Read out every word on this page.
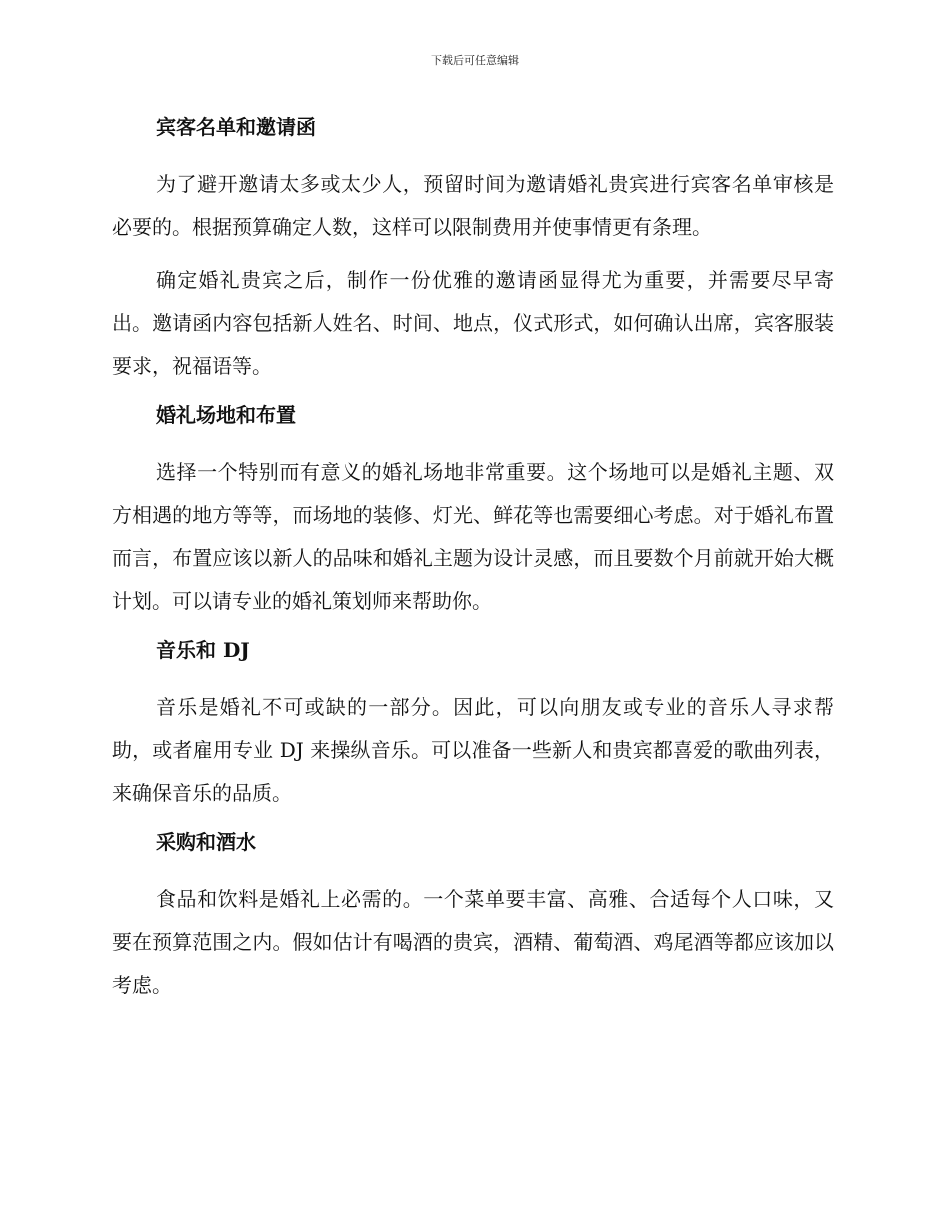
下载后可任意编辑
宾客名单和邀请函

为了避开邀请太多或太少人，预留时间为邀请婚礼贵宾进行宾客名单审核是必要的。根据预算确定人数，这样可以限制费用并使事情更有条理。

确定婚礼贵宾之后，制作一份优雅的邀请函显得尤为重要，并需要尽早寄出。邀请函内容包括新人姓名、时间、地点，仪式形式，如何确认出席，宾客服装要求，祝福语等。

婚礼场地和布置

选择一个特别而有意义的婚礼场地非常重要。这个场地可以是婚礼主题、双方相遇的地方等等，而场地的装修、灯光、鲜花等也需要细心考虑。对于婚礼布置而言，布置应该以新人的品味和婚礼主题为设计灵感，而且要数个月前就开始大概计划。可以请专业的婚礼策划师来帮助你。

音乐和 DJ

音乐是婚礼不可或缺的一部分。因此，可以向朋友或专业的音乐人寻求帮助，或者雇用专业 DJ 来操纵音乐。可以准备一些新人和贵宾都喜爱的歌曲列表，来确保音乐的品质。

采购和酒水

食品和饮料是婚礼上必需的。一个菜单要丰富、高雅、合适每个人口味，又要在预算范围之内。假如估计有喝酒的贵宾，酒精、葡萄酒、鸡尾酒等都应该加以考虑。
